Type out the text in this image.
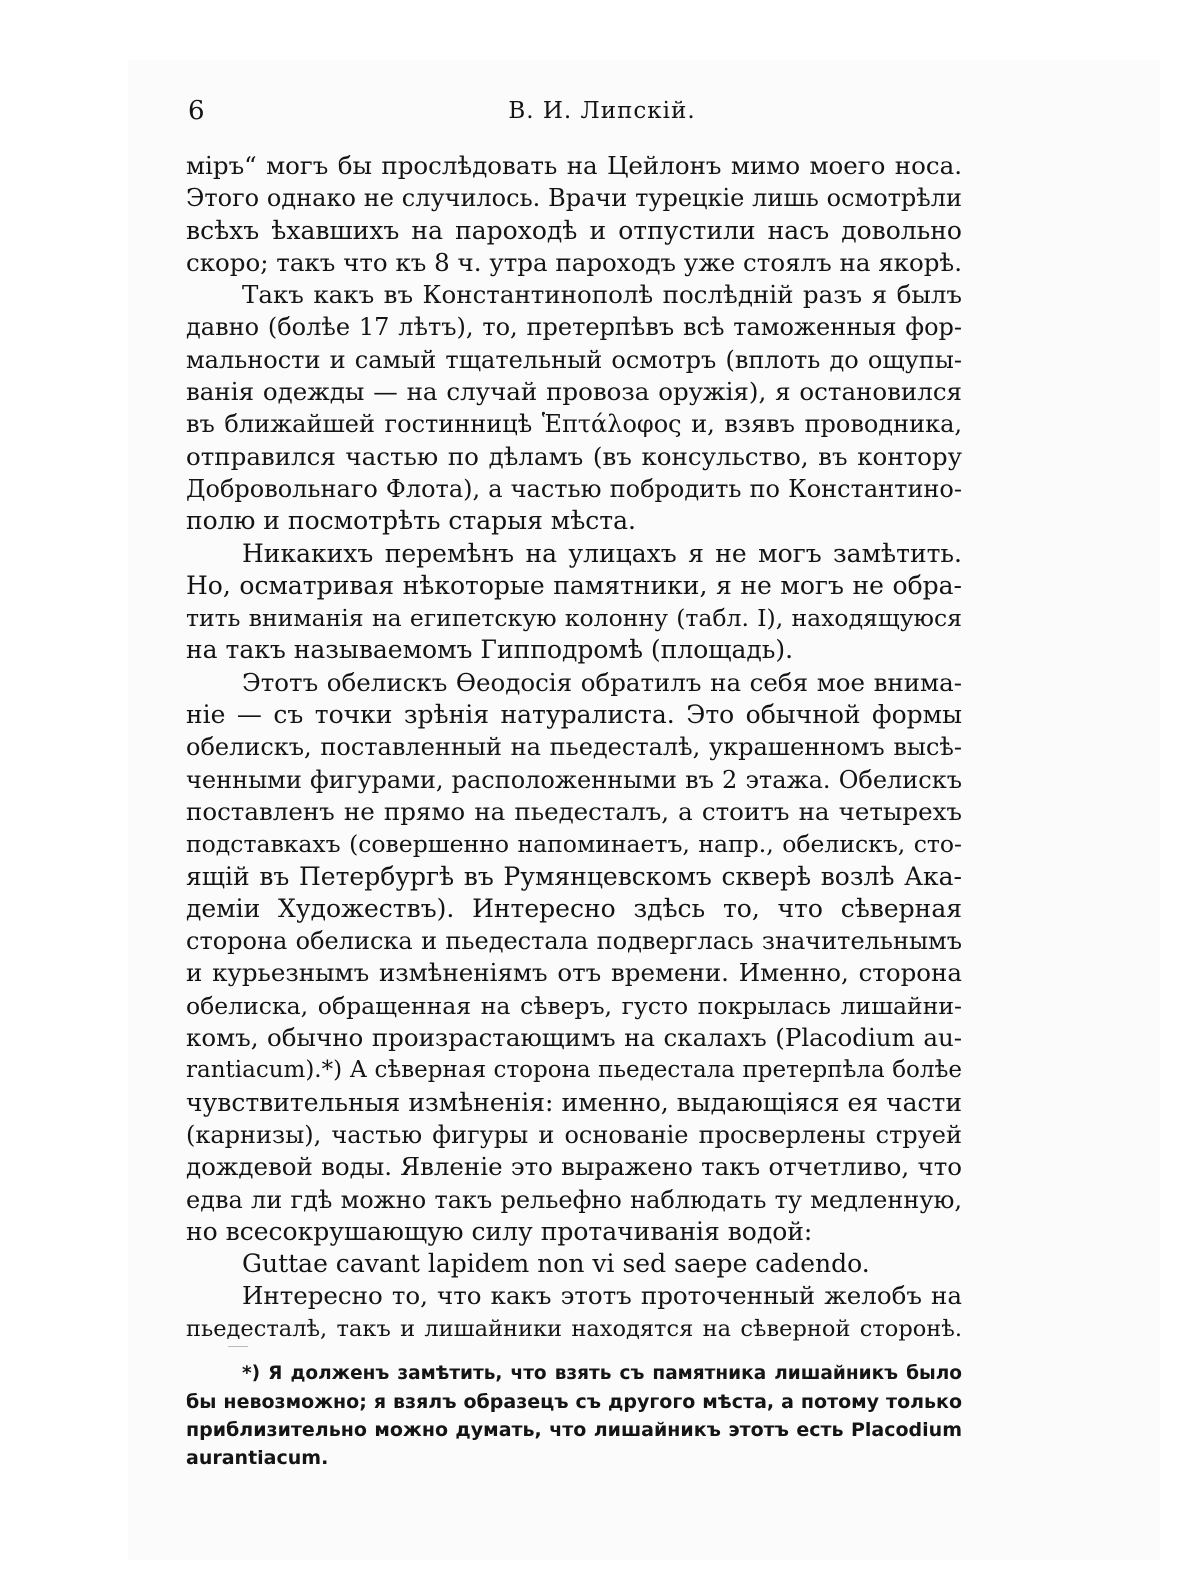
6	В. И. Липскій.
міръ“ могъ бы прослѣдовать на Цейлонъ мимо моего носа.
Этого однако не случилось. Врачи турецкіе лишь осмотрѣли
всѣхъ ѣхавшихъ на пароходѣ и отпустили насъ довольно
скоро; такъ что къ 8 ч. утра пароходъ уже стоялъ на якорѣ.
Такъ какъ въ Константинополѣ послѣдній разъ я былъ
давно (болѣе 17 лѣтъ), то, претерпѣвъ всѣ таможенныя фор-
мальности и самый тщательный осмотръ (вплоть до ощупы-
ванія одежды — на случай провоза оружія), я остановился
въ ближайшей гостинницѣ Ἑπτάλοφος и, взявъ проводника,
отправился частью по дѣламъ (въ консульство, въ контору
Добровольнаго Флота), а частью побродить по Константино-
полю и посмотрѣть старыя мѣста.
Никакихъ перемѣнъ на улицахъ я не могъ замѣтить.
Но, осматривая нѣкоторые памятники, я не могъ не обра-
тить вниманія на египетскую колонну (табл. I), находящуюся
на такъ называемомъ Гипподромѣ (площадь).
Этотъ обелискъ Ѳеодосія обратилъ на себя мое внима-
ніе — съ точки зрѣнія натуралиста. Это обычной формы
обелискъ, поставленный на пьедесталѣ, украшенномъ высѣ-
ченными фигурами, расположенными въ 2 этажа. Обелискъ
поставленъ не прямо на пьедесталъ, а стоитъ на четырехъ
подставкахъ (совершенно напоминаетъ, напр., обелискъ, сто-
ящій въ Петербургѣ въ Румянцевскомъ скверѣ возлѣ Ака-
деміи Художествъ). Интересно здѣсь то, что сѣверная
сторона обелиска и пьедестала подверглась значительнымъ
и курьезнымъ измѣненіямъ отъ времени. Именно, сторона
обелиска, обращенная на сѣверъ, густо покрылась лишайни-
комъ, обычно произрастающимъ на скалахъ (Placodium au-
rantiacum).*) А сѣверная сторона пьедестала претерпѣла болѣе
чувствительныя измѣненія: именно, выдающіяся ея части
(карнизы), частью фигуры и основаніе просверлены струей
дождевой воды. Явленіе это выражено такъ отчетливо, что
едва ли гдѣ можно такъ рельефно наблюдать ту медленную,
но всесокрушающую силу протачиванія водой:
Guttae cavant lapidem non vi sed saepe cadendo.
Интересно то, что какъ этотъ проточенный желобъ на
пьедесталѣ, такъ и лишайники находятся на сѣверной сторонѣ.
*) Я долженъ замѣтить, что взять съ памятника лишайникъ было
бы невозможно; я взялъ образецъ съ другого мѣста, а потому только
приблизительно можно думать, что лишайникъ этотъ есть Placodium
aurantiacum.
